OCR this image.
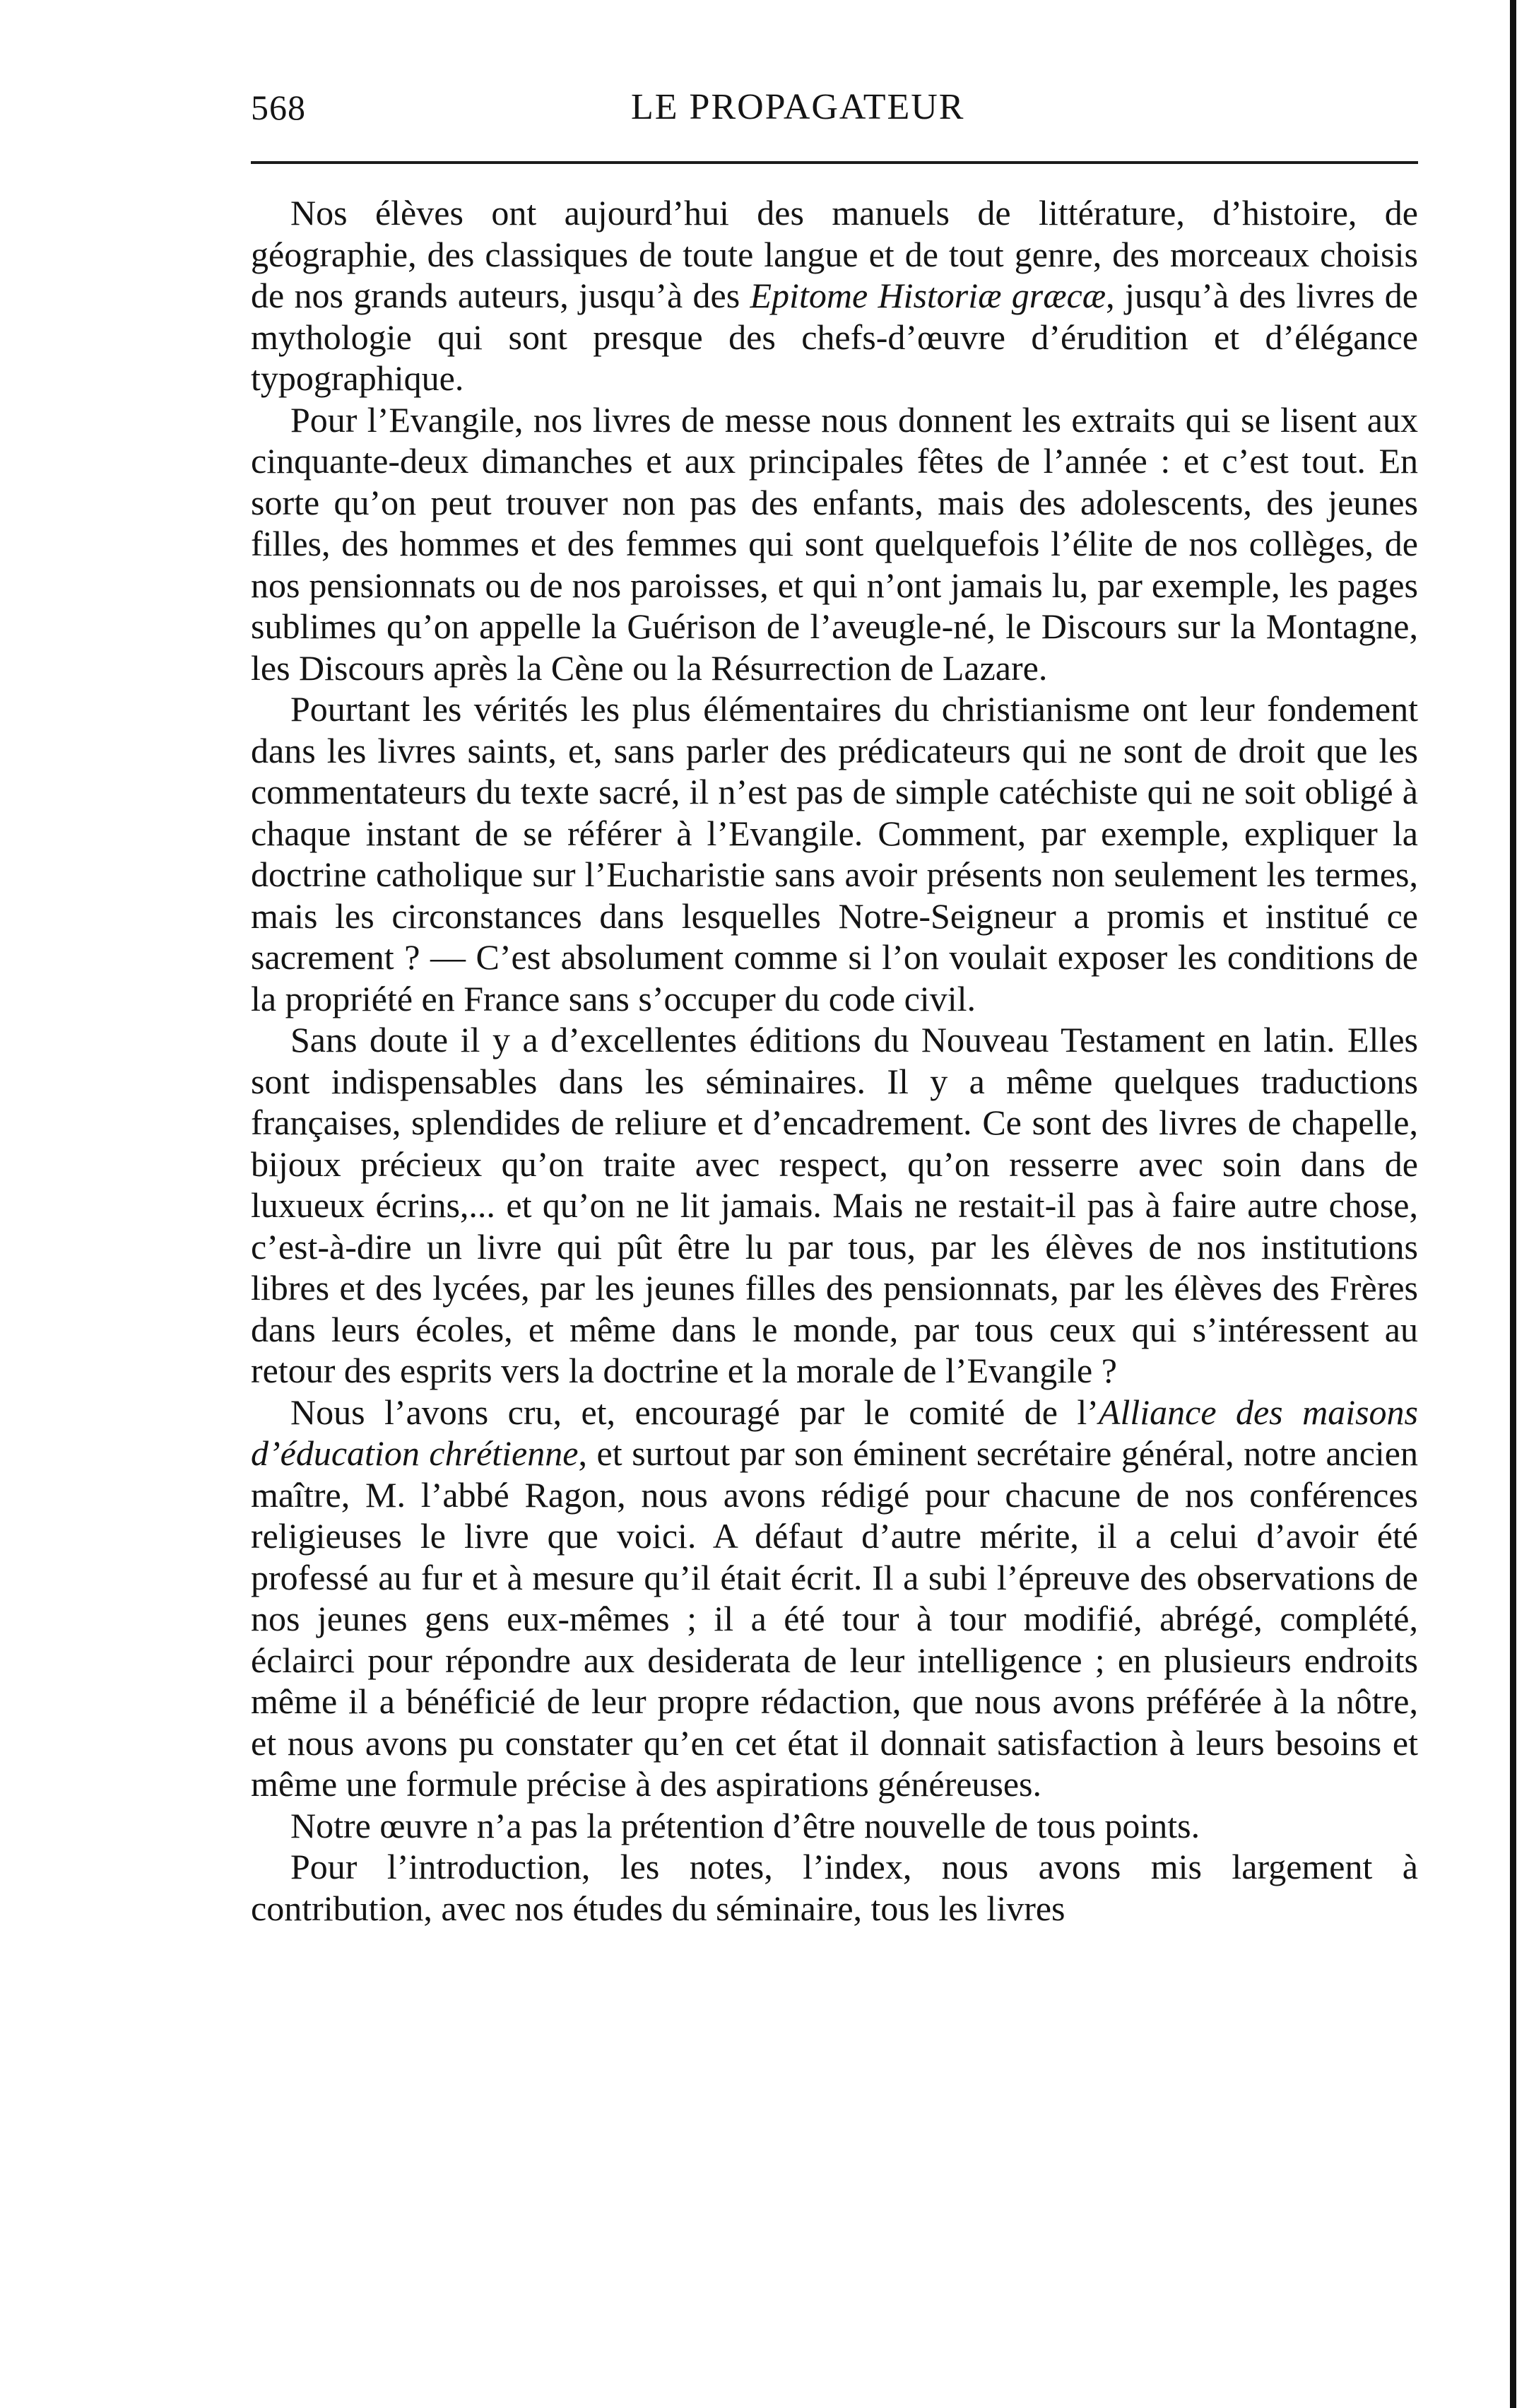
568	LE PROPAGATEUR

Nos élèves ont aujourd’hui des manuels de littérature, d’histoire, de géographie, des classiques de toute langue et de tout genre, des morceaux choisis de nos grands auteurs, jusqu’à des Epitome Historiæ græcæ, jusqu’à des livres de mythologie qui sont presque des chefs-d’œuvre d’érudition et d’élégance typographique.

Pour l’Evangile, nos livres de messe nous donnent les extraits qui se lisent aux cinquante-deux dimanches et aux principales fêtes de l’année : et c’est tout. En sorte qu’on peut trouver non pas des enfants, mais des adolescents, des jeunes filles, des hommes et des femmes qui sont quelquefois l’élite de nos collèges, de nos pensionnats ou de nos paroisses, et qui n’ont jamais lu, par exemple, les pages sublimes qu’on appelle la Guérison de l’aveugle-né, le Discours sur la Montagne, les Discours après la Cène ou la Résurrection de Lazare.

Pourtant les vérités les plus élémentaires du christianisme ont leur fondement dans les livres saints, et, sans parler des prédicateurs qui ne sont de droit que les commentateurs du texte sacré, il n’est pas de simple catéchiste qui ne soit obligé à chaque instant de se référer à l’Evangile. Comment, par exemple, expliquer la doctrine catholique sur l’Eucharistie sans avoir présents non seulement les termes, mais les circonstances dans lesquelles Notre-Seigneur a promis et institué ce sacrement ? — C’est absolument comme si l’on voulait exposer les conditions de la propriété en France sans s’occuper du code civil.

Sans doute il y a d’excellentes éditions du Nouveau Testament en latin. Elles sont indispensables dans les séminaires. Il y a même quelques traductions françaises, splendides de reliure et d’encadrement. Ce sont des livres de chapelle, bijoux précieux qu’on traite avec respect, qu’on resserre avec soin dans de luxueux écrins,... et qu’on ne lit jamais. Mais ne restait-il pas à faire autre chose, c’est-à-dire un livre qui pût être lu par tous, par les élèves de nos institutions libres et des lycées, par les jeunes filles des pensionnats, par les élèves des Frères dans leurs écoles, et même dans le monde, par tous ceux qui s’intéressent au retour des esprits vers la doctrine et la morale de l’Evangile ?

Nous l’avons cru, et, encouragé par le comité de l’Alliance des maisons d’éducation chrétienne, et surtout par son éminent secrétaire général, notre ancien maître, M. l’abbé Ragon, nous avons rédigé pour chacune de nos conférences religieuses le livre que voici. A défaut d’autre mérite, il a celui d’avoir été professé au fur et à mesure qu’il était écrit. Il a subi l’épreuve des observations de nos jeunes gens eux-mêmes ; il a été tour à tour modifié, abrégé, complété, éclairci pour répondre aux desiderata de leur intelligence ; en plusieurs endroits même il a bénéficié de leur propre rédaction, que nous avons préférée à la nôtre, et nous avons pu constater qu’en cet état il donnait satisfaction à leurs besoins et même une formule précise à des aspirations généreuses.

Notre œuvre n’a pas la prétention d’être nouvelle de tous points.

Pour l’introduction, les notes, l’index, nous avons mis largement à contribution, avec nos études du séminaire, tous les livres
